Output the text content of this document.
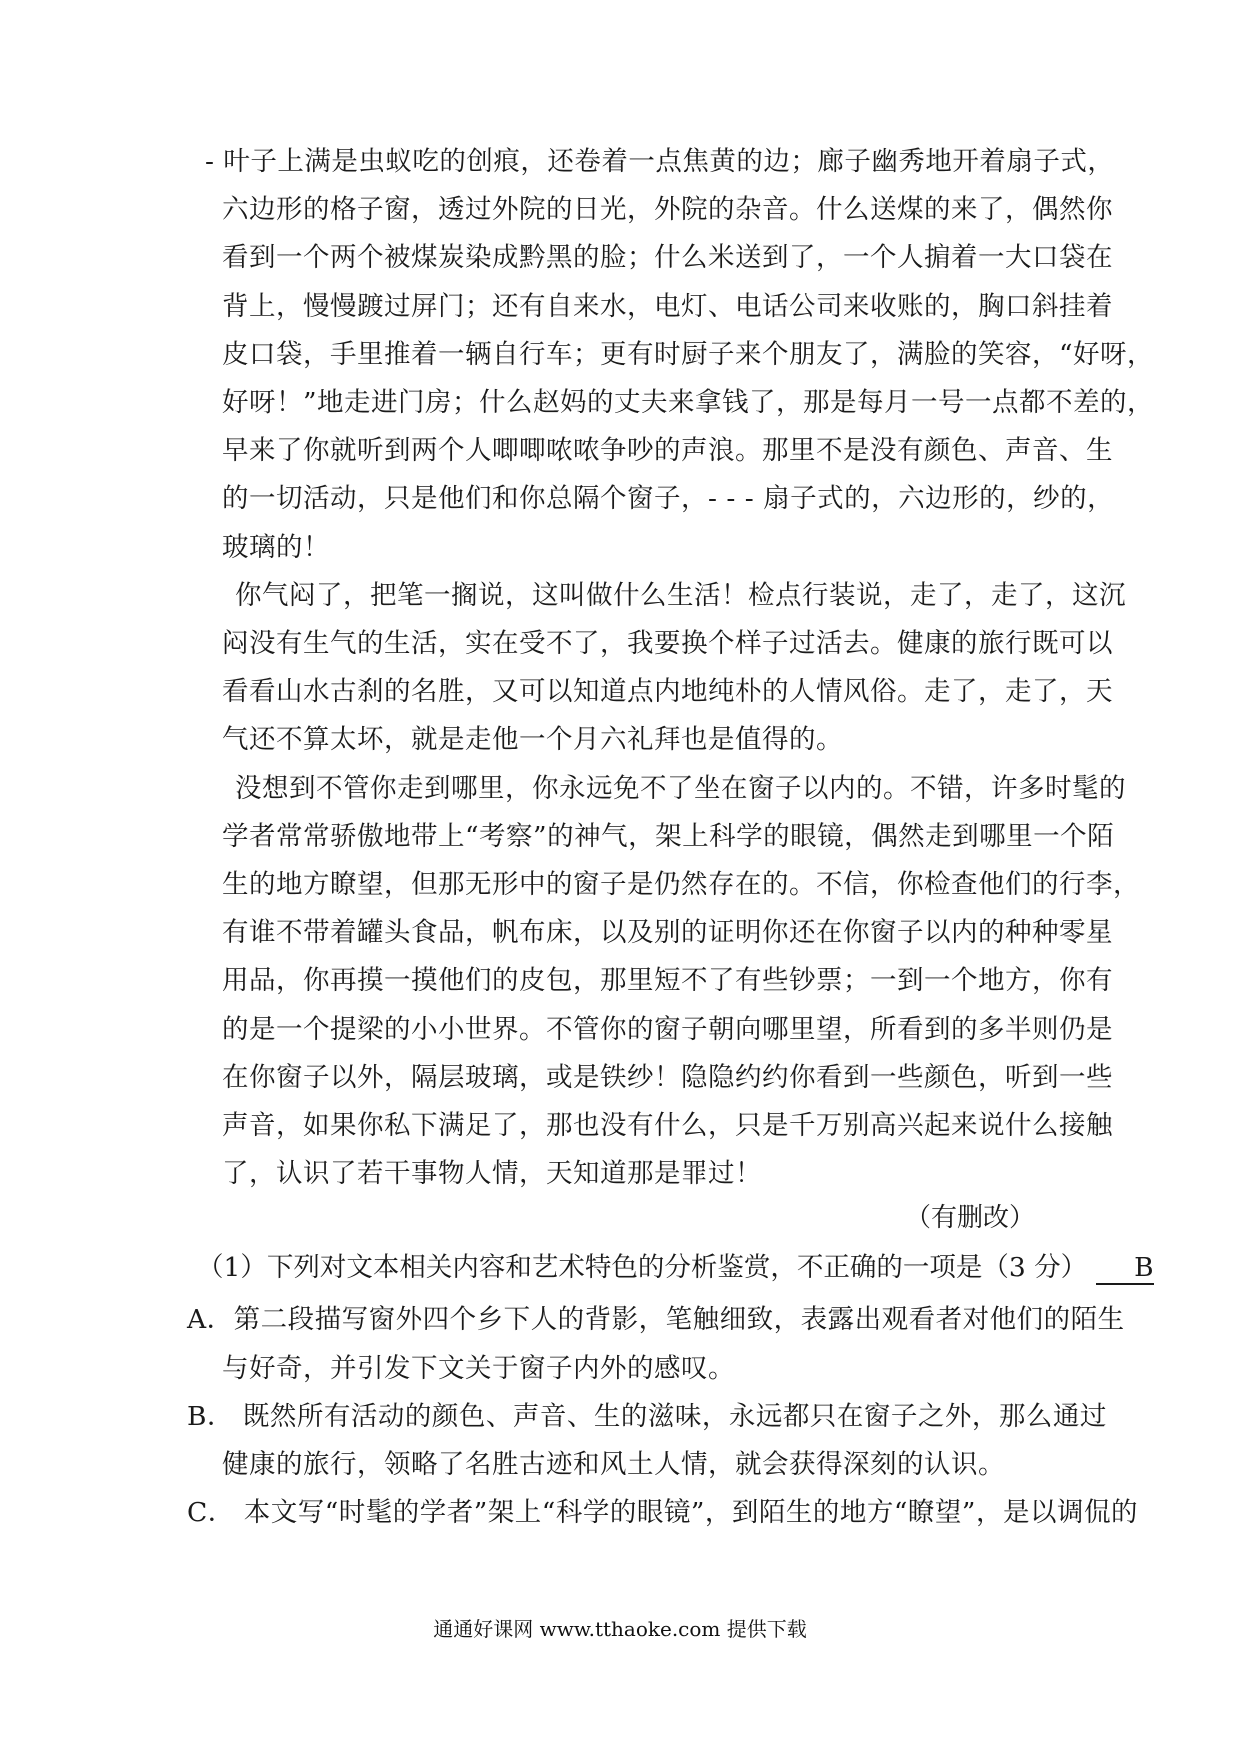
- 叶子上满是虫蚁吃的创痕，还卷着一点焦黄的边；廊子幽秀地开着扇子式，
六边形的格子窗，透过外院的日光，外院的杂音。什么送煤的来了，偶然你
看到一个两个被煤炭染成黔黑的脸；什么米送到了，一个人掮着一大口袋在
背上，慢慢踱过屏门；还有自来水，电灯、电话公司来收账的，胸口斜挂着
皮口袋，手里推着一辆自行车；更有时厨子来个朋友了，满脸的笑容，“好呀，
好呀！”地走进门房；什么赵妈的丈夫来拿钱了，那是每月一号一点都不差的，
早来了你就听到两个人唧唧哝哝争吵的声浪。那里不是没有颜色、声音、生
的一切活动，只是他们和你总隔个窗子，- - - 扇子式的，六边形的，纱的，
玻璃的！
你气闷了，把笔一搁说，这叫做什么生活！检点行装说，走了，走了，这沉
闷没有生气的生活，实在受不了，我要换个样子过活去。健康的旅行既可以
看看山水古刹的名胜，又可以知道点内地纯朴的人情风俗。走了，走了，天
气还不算太坏，就是走他一个月六礼拜也是值得的。
没想到不管你走到哪里，你永远免不了坐在窗子以内的。不错，许多时髦的
学者常常骄傲地带上“考察”的神气，架上科学的眼镜，偶然走到哪里一个陌
生的地方瞭望，但那无形中的窗子是仍然存在的。不信，你检查他们的行李，
有谁不带着罐头食品，帆布床，以及别的证明你还在你窗子以内的种种零星
用品，你再摸一摸他们的皮包，那里短不了有些钞票；一到一个地方，你有
的是一个提梁的小小世界。不管你的窗子朝向哪里望，所看到的多半则仍是
在你窗子以外，隔层玻璃，或是铁纱！隐隐约约你看到一些颜色，听到一些
声音，如果你私下满足了，那也没有什么，只是千万别高兴起来说什么接触
了，认识了若干事物人情，天知道那是罪过！
（有删改）
（1）下列对文本相关内容和艺术特色的分析鉴赏，不正确的一项是（3 分） B
A．第二段描写窗外四个乡下人的背影，笔触细致，表露出观看者对他们的陌生
与好奇，并引发下文关于窗子内外的感叹。
B． 既然所有活动的颜色、声音、生的滋味，永远都只在窗子之外，那么通过
健康的旅行，领略了名胜古迹和风土人情，就会获得深刻的认识。
通通好课网 www.tthaoke.com 提供下载
C． 本文写“时髦的学者”架上“科学的眼镜”，到陌生的地方“瞭望”，是以调侃的
